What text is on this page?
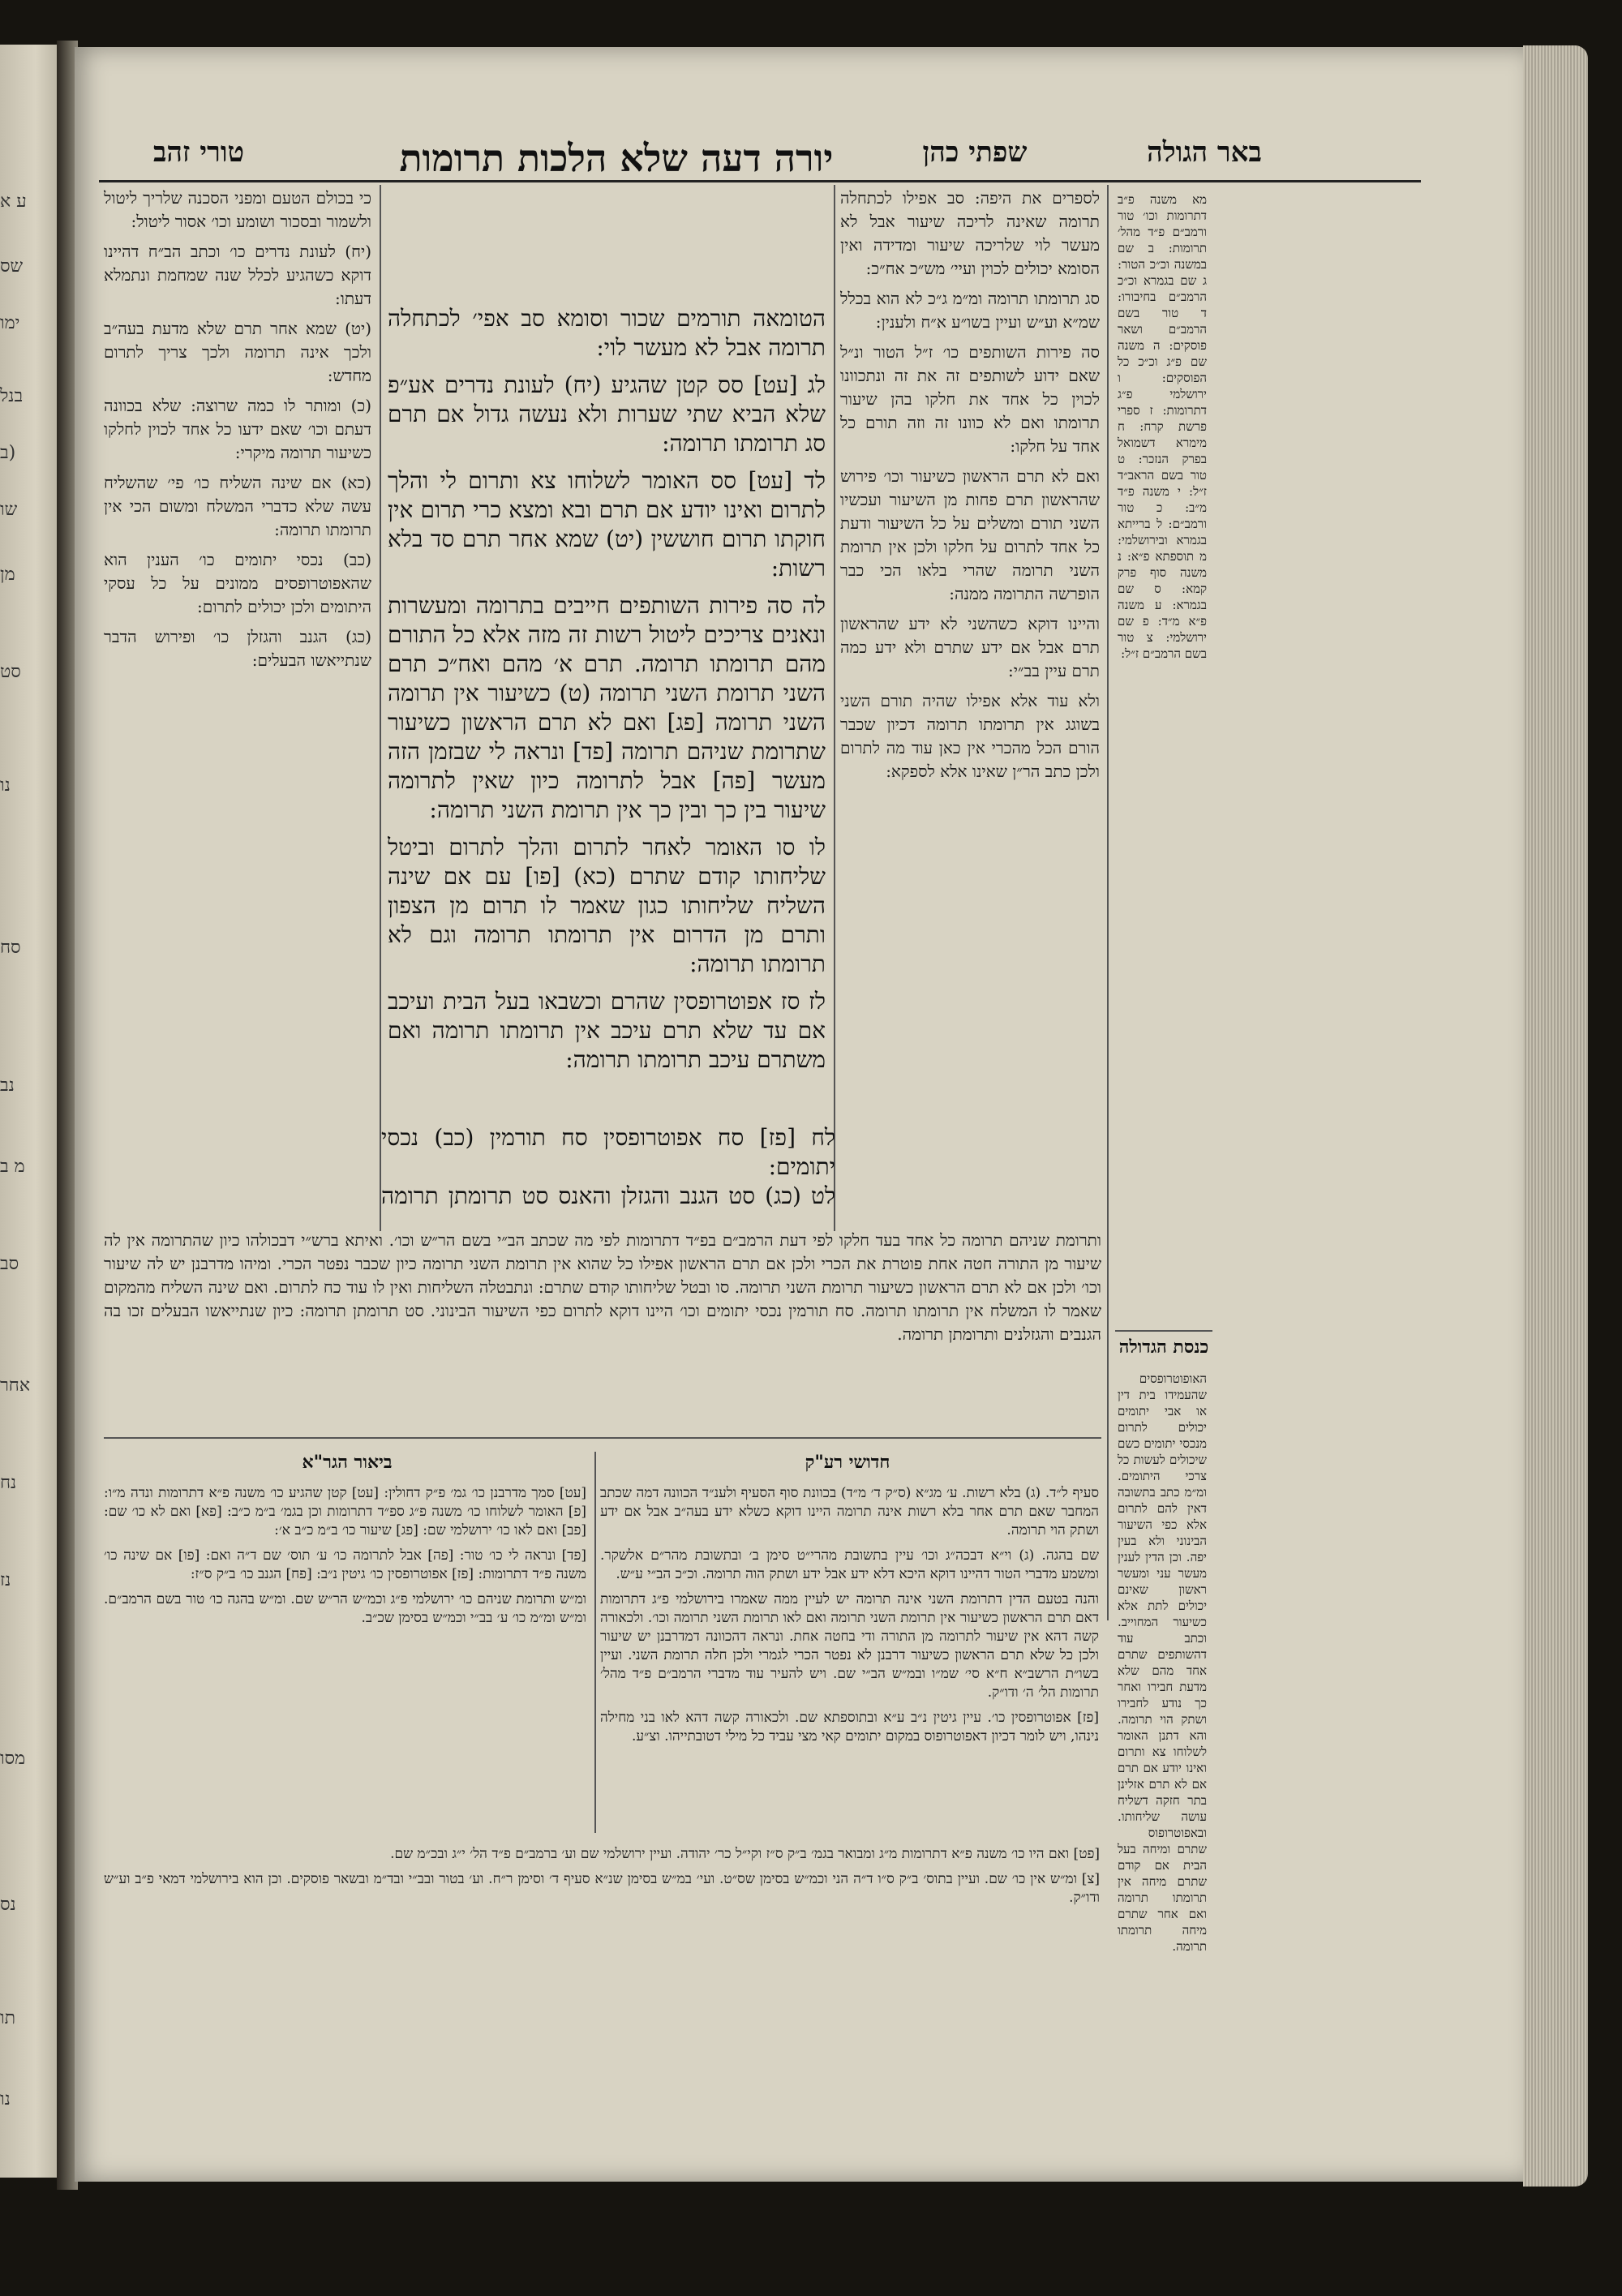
ע א
שס
ימו
בנל
(ב
שו
מן
סט
נו
סח
נב
מ ב
סב
אחר
נח
נז
מסו
נס
תו
נו
באר הגולה
שפתי כהן
יורה דעה שלא הלכות תרומות
טורי זהב

מא משנה פ״ב דתרומות וכו׳ טור ורמב״ם פ״ד מהל׳ תרומות: ב שם במשנה וכ״כ הטור: ג שם בגמרא וכ״כ הרמב״ם בחיבורו: ד טור בשם הרמב״ם ושאר פוסקים: ה משנה שם פ״ג וכ״כ כל הפוסקים: ו ירושלמי פ״ג דתרומות: ז ספרי פרשת קרח: ח מימרא דשמואל בפרק הנזכר: ט טור בשם הראב״ד ז״ל: י משנה פ״ד מ״ב: כ טור ורמב״ם: ל ברייתא בגמרא ובירושלמי: מ תוספתא פ״א: נ משנה סוף פרק קמא: ס שם בגמרא: ע משנה פ״א מ״ד: פ שם ירושלמי: צ טור בשם הרמב״ם ז״ל:

כנסת הגדולה

האופוטרופסים שהעמידו בית דין או אבי יתומים יכולים לתרום מנכסי יתומים כשם שיכולים לעשות כל צרכי היתומים. ומ״מ כתב בתשובה דאין להם לתרום אלא כפי השיעור הבינוני ולא בעין יפה. וכן הדין לענין מעשר עני ומעשר ראשון שאינם יכולים לתת אלא כשיעור המחוייב. וכתב עוד דהשותפים שתרם אחד מהם שלא מדעת חבירו ואחר כך נודע לחבירו ושתק הוי תרומה. והא דתנן האומר לשלוחו צא ותרום ואינו יודע אם תרם אם לא תרם אזלינן בתר חזקה דשליח עושה שליחותו. ובאפוטרופוס שתרם ומיחה בעל הבית אם קודם שתרם מיחה אין תרומתו תרומה ואם אחר שתרם מיחה תרומתו תרומה.

לספרים את היפה: סב אפילו לכתחלה תרומה שאינה לריכה שיעור אבל לא מעשר לוי שלריכה שיעור ומדידה ואין הסומא יכולים לכוין ועיי׳ מש״כ אח״כ:

סג תרומתו תרומה ומ״מ ג״כ לא הוא בכלל שמ״א וע״ש ועיין בשו״ע א״ח ולענין:

סה פירות השותפים כו׳ ז״ל הטור ונ״ל שאם ידוע לשותפים זה את זה ונתכוונו לכוין כל אחד את חלקו בהן שיעור תרומתו ואם לא כוונו זה וזה תורם כל אחד על חלקו:

ואם לא תרם הראשון כשיעור וכו׳ פירוש שהראשון תרם פחות מן השיעור ועכשיו השני תורם ומשלים על כל השיעור ודעת כל אחד לתרום על חלקו ולכן אין תרומת השני תרומה שהרי בלאו הכי כבר הופרשה התרומה ממנה:

והיינו דוקא כשהשני לא ידע שהראשון תרם אבל אם ידע שתרם ולא ידע כמה תרם עיין בב״י:

ולא עוד אלא אפילו שהיה תורם השני בשוגג אין תרומתו תרומה דכיון שכבר הורם הכל מהכרי אין כאן עוד מה לתרום ולכן כתב הר״ן שאינו אלא לספקא:

הטומאה תורמים שכור וסומא סב אפי׳ לכתחלה תרומה אבל לא מעשר לוי:

לג [עט] סס קטן שהגיע (יח) לעונת נדרים אע״פ שלא הביא שתי שערות ולא נעשה גדול אם תרם סג תרומתו תרומה:

לד [עט] סס האומר לשלוחו צא ותרום לי והלך לתרום ואינו יודע אם תרם ובא ומצא כרי תרום אין חוקתו תרום חוששין (יט) שמא אחר תרם סד בלא רשות:

לה סה פירות השותפים חייבים בתרומה ומעשרות ונאנים צריכים ליטול רשות זה מזה אלא כל התורם מהם תרומתו תרומה. תרם א׳ מהם ואח״כ תרם השני תרומת השני תרומה (ט) כשיעור אין תרומה השני תרומה [פג] ואם לא תרם הראשון כשיעור שתרומת שניהם תרומה [פד] ונראה לי שבזמן הזה מעשר [פה] אבל לתרומה כיון שאין לתרומה שיעור בין כך ובין כך אין תרומת השני תרומה:

לו סו האומר לאחר לתרום והלך לתרום וביטל שליחותו קודם שתרם (כא) [פו] עם אם שינה השליח שליחותו כגון שאמר לו תרום מן הצפון ותרם מן הדרום אין תרומתו תרומה וגם לא תרומתו תרומה:

לז סז אפוטרופסין שהרם וכשבאו בעל הבית ועיכב אם עד שלא תרם עיכב אין תרומתו תרומה ואם משתרם עיכב תרומתו תרומה:

לח [פז] סח אפוטרופסין סח תורמין (כב) נכסי יתומים:

לט (כג) סט הגנב והגזלן והאנס סט תרומתן תרומה

כי בכולם הטעם ומפני הסכנה שלריך ליטול ולשמור ובסכור ושומע וכו׳ אסור ליטול:

(יח) לעונת נדרים כו׳ וכתב הב״ח דהיינו דוקא כשהגיע לכלל שנה שמחמת ונתמלא דעתו:

(יט) שמא אחר תרם שלא מדעת בעה״ב ולכך אינה תרומה ולכך צריך לתרום מחדש:

(כ) ומותר לו כמה שרוצה: שלא בכוונה דעתם וכו׳ שאם ידעו כל אחד לכוין לחלקו כשיעור תרומה מיקרי:

(כא) אם שינה השליח כו׳ פי׳ שהשליח עשה שלא כדברי המשלח ומשום הכי אין תרומתו תרומה:

(כב) נכסי יתומים כו׳ הענין הוא שהאפוטרופסים ממונים על כל עסקי היתומים ולכן יכולים לתרום:

(כג) הגנב והגזלן כו׳ ופירוש הדבר שנתייאשו הבעלים:

ותרומת שניהם תרומה כל אחד בעד חלקו לפי דעת הרמב״ם בפ״ד דתרומות לפי מה שכתב הב״י בשם הר״ש וכו׳. ואיתא ברש״י דבכולהו כיון שהתרומה אין לה שיעור מן התורה חטה אחת פוטרת את הכרי ולכן אם תרם הראשון אפילו כל שהוא אין תרומת השני תרומה כיון שכבר נפטר הכרי. ומיהו מדרבנן יש לה שיעור וכו׳ ולכן אם לא תרם הראשון כשיעור תרומת השני תרומה. סו ובטל שליחותו קודם שתרם: ונתבטלה השליחות ואין לו עוד כח לתרום. ואם שינה השליח מהמקום שאמר לו המשלח אין תרומתו תרומה. סח תורמין נכסי יתומים וכו׳ היינו דוקא לתרום כפי השיעור הבינוני. סט תרומתן תרומה: כיון שנתייאשו הבעלים זכו בה הגנבים והגזלנים ותרומתן תרומה.

חדושי רע"ק

סעיף ל״ד. (ג) בלא רשות. ע׳ מג״א (ס״ק ד׳ מ״ד) בכוונת סוף הסעיף ולענ״ד הכוונה דמה שכתב המחבר שאם תרם אחר בלא רשות אינה תרומה היינו דוקא כשלא ידע בעה״ב אבל אם ידע ושתק הוי תרומה.

שם בהגה. (ג) וי״א דבכה״ג וכו׳ עיין בתשובת מהרי״ט סימן ב׳ ובתשובת מהר״ם אלשקר. ומשמע מדברי הטור דהיינו דוקא היכא דלא ידע אבל ידע ושתק הוה תרומה. וכ״כ הב״י ע״ש.

והנה בטעם הדין דתרומת השני אינה תרומה יש לעיין ממה שאמרו בירושלמי פ״ג דתרומות דאם תרם הראשון כשיעור אין תרומת השני תרומה ואם לאו תרומת השני תרומה וכו׳. ולכאורה קשה דהא אין שיעור לתרומה מן התורה ודי בחטה אחת. ונראה דהכוונה דמדרבנן יש שיעור ולכן כל שלא תרם הראשון כשיעור דרבנן לא נפטר הכרי לגמרי ולכן חלה תרומת השני. ועיין בשו״ת הרשב״א ח״א סי׳ שמ״ו ובמ״ש הב״י שם. ויש להעיר עוד מדברי הרמב״ם פ״ד מהל׳ תרומות הל׳ ה׳ ודו״ק.

[פז] אפוטרופסין כו׳. עיין גיטין נ״ב ע״א ובתוספתא שם. ולכאורה קשה דהא לאו בני מחילה נינהו, ויש לומר דכיון דאפוטרופוס במקום יתומים קאי מצי עביד כל מילי דטובתייהו. וצ״ע.

ביאור הגר"א

[עט] סמך מדרבנן כו׳ גמ׳ פ״ק דחולין: [עט] קטן שהגיע כו׳ משנה פ״א דתרומות ונדה מ״ו: [פ] האומר לשלוחו כו׳ משנה פ״ג ספ״ד דתרומות וכן בגמ׳ ב״מ כ״ב: [פא] ואם לא כו׳ שם: [פב] ואם לאו כו׳ ירושלמי שם: [פג] שיעור כו׳ ב״מ כ״ב א׳:

[פד] ונראה לי כו׳ טור: [פה] אבל לתרומה כו׳ ע׳ תוס׳ שם ד״ה ואם: [פו] אם שינה כו׳ משנה פ״ד דתרומות: [פז] אפוטרופסין כו׳ גיטין נ״ב: [פח] הגנב כו׳ ב״ק ס״ז:

ומ״ש ותרומת שניהם כו׳ ירושלמי פ״ג וכמ״ש הר״ש שם. ומ״ש בהגה כו׳ טור בשם הרמב״ם. ומ״ש ומ״מ כו׳ ע׳ בב״י וכמ״ש בסימן שכ״ב.

[פט] ואם היו כו׳ משנה פ״א דתרומות מ״ג ומבואר בגמ׳ ב״ק ס״ז וקי״ל כר׳ יהודה. ועיין ירושלמי שם וע׳ ברמב״ם פ״ד הל׳ י״ג ובכ״מ שם.

[צ] ומ״ש אין כו׳ שם. ועיין בתוס׳ ב״ק ס״ו ד״ה הני וכמ״ש בסימן שס״ט. ועי׳ במ״ש בסימן שנ״א סעיף ד׳ וסימן ר״ח. וע׳ בטור ובב״י ובד״מ ובשאר פוסקים. וכן הוא בירושלמי דמאי פ״ב וע״ש ודו״ק.
